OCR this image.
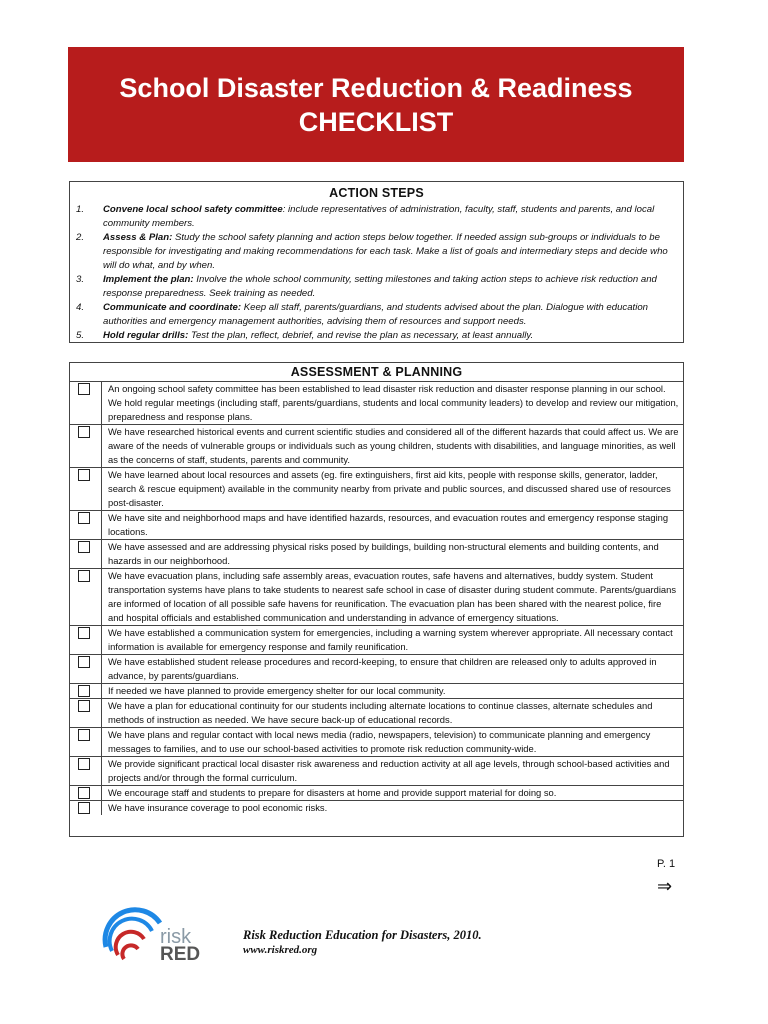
School Disaster Reduction & Readiness
CHECKLIST
ACTION STEPS
1.	Convene local school safety committee: include representatives of administration, faculty, staff, students and parents, and local community members.
2.	Assess & Plan: Study the school safety planning and action steps below together. If needed assign sub-groups or individuals to be responsible for investigating and making recommendations for each task. Make a list of goals and intermediary steps and decide who will do what, and by when.
3.	Implement the plan: Involve the whole school community, setting milestones and taking action steps to achieve risk reduction and response preparedness. Seek training as needed.
4.	Communicate and coordinate: Keep all staff, parents/guardians, and students advised about the plan. Dialogue with education authorities and emergency management authorities, advising them of resources and support needs.
5.	Hold regular drills: Test the plan, reflect, debrief, and revise the plan as necessary, at least annually.
ASSESSMENT & PLANNING
	An ongoing school safety committee has been established to lead disaster risk reduction and disaster response planning in our school. We hold regular meetings (including staff, parents/guardians, students and local community leaders) to develop and review our mitigation, preparedness and response plans.

	We have researched historical events and current scientific studies and considered all of the different hazards that could affect us. We are aware of the needs of vulnerable groups or individuals such as young children, students with disabilities, and language minorities, as well as the concerns of staff, students, parents and community.

	We have learned about local resources and assets (eg. fire extinguishers, first aid kits, people with response skills, generator, ladder, search & rescue equipment) available in the community nearby from private and public sources, and discussed shared use of resources post-disaster.

	We have site and neighborhood maps and have identified hazards, resources, and evacuation routes and emergency response staging locations.

	We have assessed and are addressing physical risks posed by buildings, building non-structural elements and building contents, and hazards in our neighborhood.

	We have evacuation plans, including safe assembly areas, evacuation routes, safe havens and alternatives, buddy system. Student transportation systems have plans to take students to nearest safe school in case of disaster during student commute. Parents/guardians are informed of location of all possible safe havens for reunification. The evacuation plan has been shared with the nearest police, fire and hospital officials and established communication and understanding in advance of emergency situations.

	We have established a communication system for emergencies, including a warning system wherever appropriate. All necessary contact information is available for emergency response and family reunification.

	We have established student release procedures and record-keeping, to ensure that children are released only to adults approved in advance, by parents/guardians.

	If needed we have planned to provide emergency shelter for our local community.

	We have a plan for educational continuity for our students including alternate locations to continue classes, alternate schedules and methods of instruction as needed. We have secure back-up of educational records.

	We have plans and regular contact with local news media (radio, newspapers, television) to communicate planning and emergency messages to families, and to use our school-based activities to promote risk reduction community-wide.

	We provide significant practical local disaster risk awareness and reduction activity at all age levels, through school-based activities and projects and/or through the formal curriculum.

	We encourage staff and students to prepare for disasters at home and provide support material for doing so.

	We have insurance coverage to pool economic risks.
P. 1
⇒
risk
RED
Risk Reduction Education for Disasters, 2010.
www.riskred.org
